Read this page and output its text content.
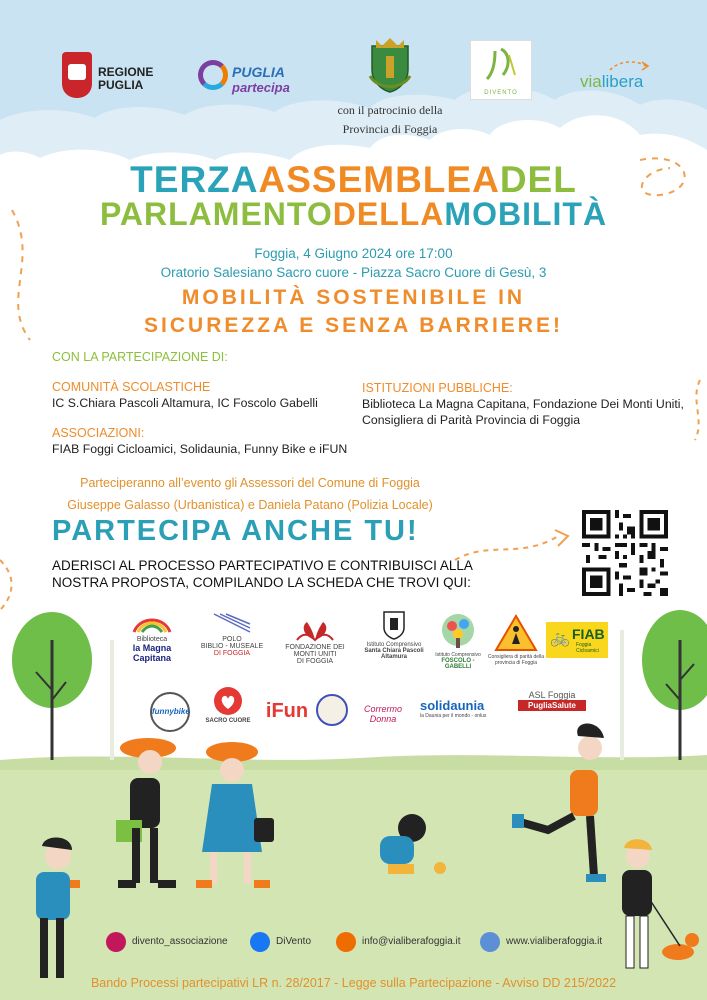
REGIONE PUGLIA
PUGLIA
partecipa
con il patrocinio della
Provincia di Foggia
DIVENTO
vialibera
TERZAASSEMBLEADEL
PARLAMENTODELLAMOBILITÀ
Foggia, 4 Giugno 2024 ore 17:00
Oratorio Salesiano Sacro cuore - Piazza Sacro Cuore di Gesù, 3
MOBILITÀ SOSTENIBILE IN
SICUREZZA E SENZA BARRIERE!
CON LA PARTECIPAZIONE DI:
COMUNITÀ SCOLASTICHE
IC S.Chiara Pascoli Altamura, IC Foscolo Gabelli
ISTITUZIONI PUBBLICHE:
Biblioteca La Magna Capitana, Fondazione Dei Monti Uniti,
Consigliera di Parità Provincia di Foggia
ASSOCIAZIONI:
FIAB Foggi Cicloamici, Solidaunia, Funny Bike e iFUN
Parteciperanno all’evento gli Assessori del Comune di Foggia
Giuseppe Galasso (Urbanistica) e Daniela Patano (Polizia Locale)
PARTECIPA ANCHE TU!
ADERISCI AL PROCESSO PARTECIPATIVO E CONTRIBUISCI ALLA
NOSTRA PROPOSTA, COMPILANDO LA SCHEDA CHE TROVI QUI:
Biblioteca
la Magna
Capitana
POLO
BIBLIO - MUSEALE
DI FOGGIA
FONDAZIONE DEI MONTI UNITI
DI FOGGIA
Istituto Comprensivo
Santa Chiara Pascoli
Altamura	Istituto Comprensivo
FOSCOLO - GABELLI
Consigliera di parità della
provincia di Foggia
🚲 FIAB
Foggia
Cicloamici
funnybike
SACRO CUORE iFun	Corrermo Donna
solidaunia
la Daunia per il mondo - onlus
ASL Foggia
PugliaSalute
divento_associazione	DiVento	info@vialiberafoggia.it	www.vialiberafoggia.it
Bando Processi partecipativi LR n. 28/2017 - Legge sulla Partecipazione - Avviso DD 215/2022
